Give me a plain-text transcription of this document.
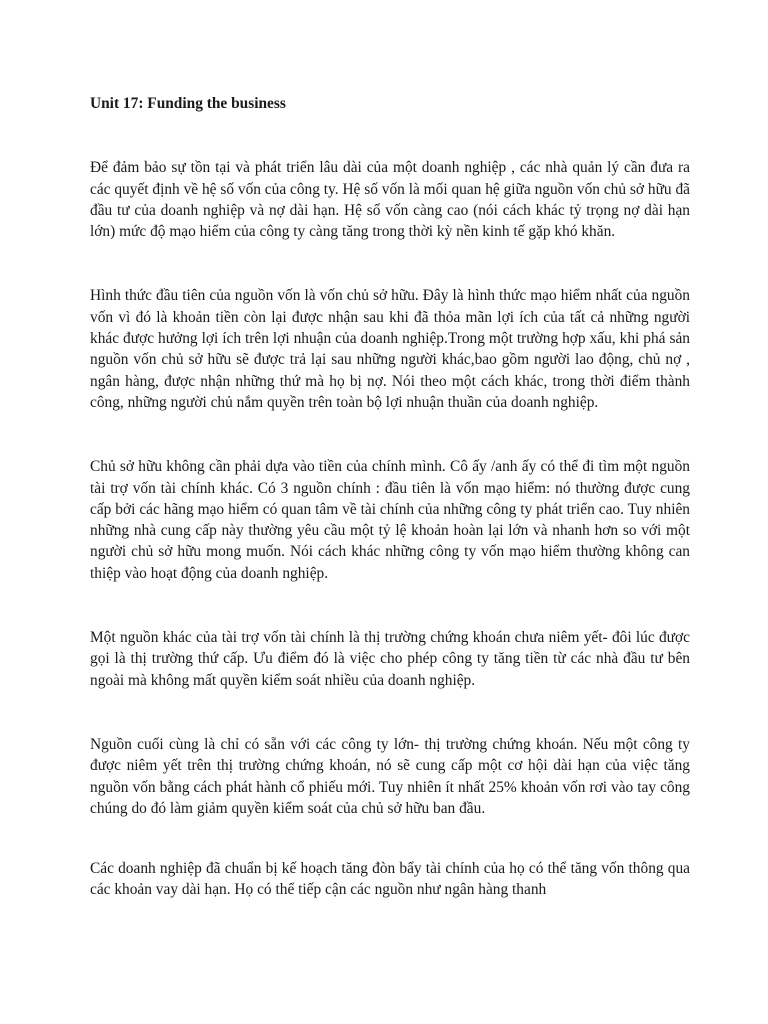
Unit 17: Funding the business

Để đảm bảo sự tồn tại và phát triển lâu dài của một doanh nghiệp , các nhà quản lý cần đưa ra các quyết định về hệ số vốn của công ty. Hệ số vốn là mối quan hệ giữa nguồn vốn chủ sở hữu đã đầu tư của doanh nghiệp và nợ dài hạn. Hệ số vốn càng cao (nói cách khác tỷ trọng nợ dài hạn lớn) mức độ mạo hiểm của công ty càng tăng trong thời kỳ nền kinh tế gặp khó khăn.

Hình thức đầu tiên của nguồn vốn là vốn chủ sở hữu. Đây là hình thức mạo hiểm nhất của nguồn vốn vì đó là khoản tiền còn lại được nhận sau khi đã thỏa mãn lợi ích của tất cả những người khác được hưởng lợi ích trên lợi nhuận của doanh nghiệp.Trong một trường hợp xấu, khi phá sản nguồn vốn chủ sở hữu sẽ được trả lại sau những người khác,bao gồm người lao động, chủ nợ , ngân hàng, được nhận những thứ mà họ bị nợ. Nói theo một cách khác, trong thời điểm thành công, những người chủ nắm quyền trên toàn bộ lợi nhuận thuần của doanh nghiệp.

Chủ sở hữu không cần phải dựa vào tiền của chính mình. Cô ấy /anh ấy có thể đi tìm một nguồn tài trợ vốn tài chính khác. Có 3 nguồn chính : đầu tiên là vốn mạo hiểm: nó thường được cung cấp bởi các hãng mạo hiểm có quan tâm về tài chính của những công ty phát triển cao. Tuy nhiên những nhà cung cấp này thường yêu cầu một tỷ lệ khoản hoàn lại lớn và nhanh hơn so với một người chủ sở hữu mong muốn. Nói cách khác những công ty vốn mạo hiểm thường không can thiệp vào hoạt động của doanh nghiệp.

Một nguồn khác của tài trợ vốn tài chính là thị trường chứng khoán chưa niêm yết- đôi lúc được gọi là thị trường thứ cấp. Ưu điểm đó là việc cho phép công ty tăng tiền từ các nhà đầu tư bên ngoài mà không mất quyền kiểm soát nhiều của doanh nghiệp.

Nguồn cuối cùng là chỉ có sẵn với các công ty lớn- thị trường chứng khoán. Nếu một công ty được niêm yết trên thị trường chứng khoán, nó sẽ cung cấp một cơ hội dài hạn của việc tăng nguồn vốn bằng cách phát hành cổ phiếu mới. Tuy nhiên ít nhất 25% khoản vốn rơi vào tay công chúng do đó làm giảm quyền kiểm soát của chủ sở hữu ban đầu.

Các doanh nghiệp đã chuẩn bị kế hoạch tăng đòn bẩy tài chính của họ có thể tăng vốn thông qua các khoản vay dài hạn. Họ có thể tiếp cận các nguồn như ngân hàng thanh
